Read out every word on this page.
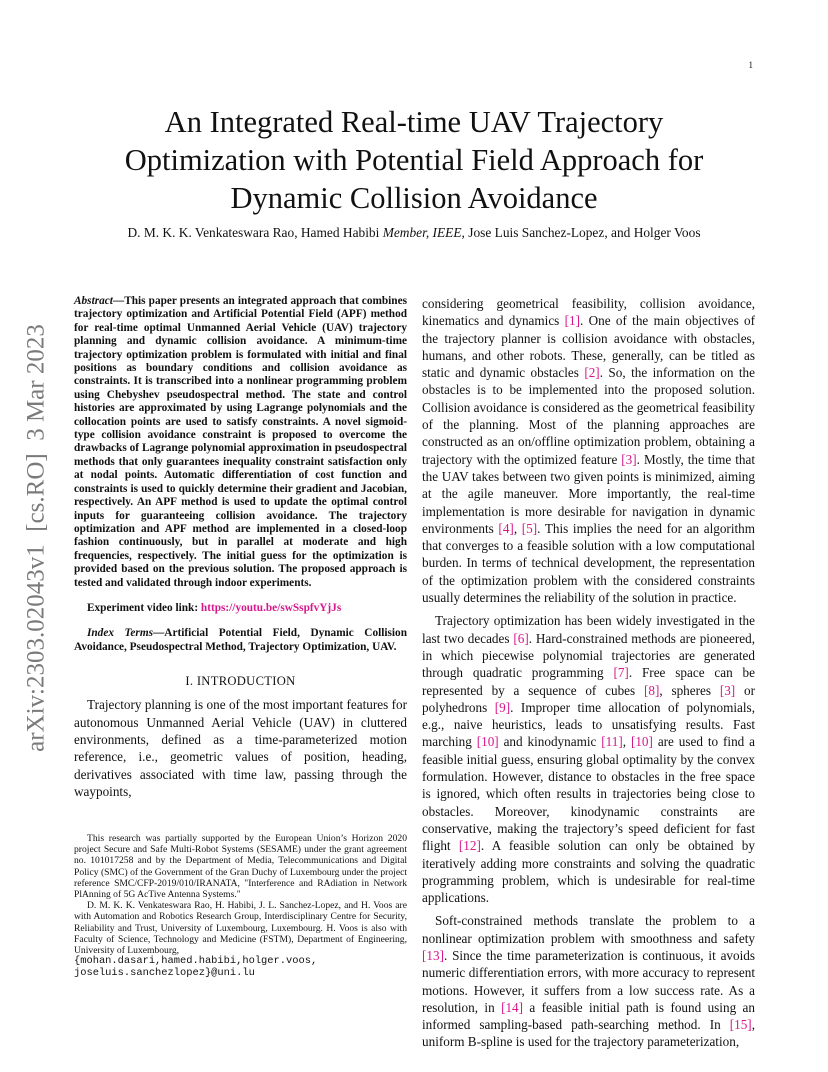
1
arXiv:2303.02043v1  [cs.RO]  3 Mar 2023
An Integrated Real-time UAV Trajectory
Optimization with Potential Field Approach for
Dynamic Collision Avoidance
D. M. K. K. Venkateswara Rao, Hamed Habibi Member, IEEE, Jose Luis Sanchez-Lopez, and Holger Voos

Abstract—This paper presents an integrated approach that combines trajectory optimization and Artificial Potential Field (APF) method for real-time optimal Unmanned Aerial Vehicle (UAV) trajectory planning and dynamic collision avoidance. A minimum-time trajectory optimization problem is formulated with initial and final positions as boundary conditions and collision avoidance as constraints. It is transcribed into a nonlinear programming problem using Chebyshev pseudospectral method. The state and control histories are approximated by using Lagrange polynomials and the collocation points are used to satisfy constraints. A novel sigmoid-type collision avoidance constraint is proposed to overcome the drawbacks of Lagrange polynomial approximation in pseudospectral methods that only guarantees inequality constraint satisfaction only at nodal points. Automatic differentiation of cost function and constraints is used to quickly determine their gradient and Jacobian, respectively. An APF method is used to update the optimal control inputs for guaranteeing collision avoidance. The trajectory optimization and APF method are implemented in a closed-loop fashion continuously, but in parallel at moderate and high frequencies, respectively. The initial guess for the optimization is provided based on the previous solution. The proposed approach is tested and validated through indoor experiments.

Experiment video link: https://youtu.be/swSspfvYjJs

Index Terms—Artificial Potential Field, Dynamic Collision Avoidance, Pseudospectral Method, Trajectory Optimization, UAV.

I. INTRODUCTION

Trajectory planning is one of the most important features for autonomous Unmanned Aerial Vehicle (UAV) in cluttered environments, defined as a time-parameterized motion reference, i.e., geometric values of position, heading, derivatives associated with time law, passing through the waypoints,

This research was partially supported by the European Union’s Horizon 2020 project Secure and Safe Multi-Robot Systems (SESAME) under the grant agreement no. 101017258 and by the Department of Media, Telecommunications and Digital Policy (SMC) of the Government of the Gran Duchy of Luxembourg under the project reference SMC/CFP-2019/010/IRANATA, "Interference and RAdiation in Network PlAnning of 5G AcTive Antenna Systems."

D. M. K. K. Venkateswara Rao, H. Habibi, J. L. Sanchez-Lopez, and H. Voos are with Automation and Robotics Research Group, Interdisciplinary Centre for Security, Reliability and Trust, University of Luxembourg, Luxembourg. H. Voos is also with Faculty of Science, Technology and Medicine (FSTM), Department of Engineering, University of Luxembourg,

{mohan.dasari,hamed.habibi,holger.voos,
joseluis.sanchezlopez}@uni.lu

considering geometrical feasibility, collision avoidance, kinematics and dynamics [1]. One of the main objectives of the trajectory planner is collision avoidance with obstacles, humans, and other robots. These, generally, can be titled as static and dynamic obstacles [2]. So, the information on the obstacles is to be implemented into the proposed solution. Collision avoidance is considered as the geometrical feasibility of the planning. Most of the planning approaches are constructed as an on/offline optimization problem, obtaining a trajectory with the optimized feature [3]. Mostly, the time that the UAV takes between two given points is minimized, aiming at the agile maneuver. More importantly, the real-time implementation is more desirable for navigation in dynamic environments [4], [5]. This implies the need for an algorithm that converges to a feasible solution with a low computational burden. In terms of technical development, the representation of the optimization problem with the considered constraints usually determines the reliability of the solution in practice.

Trajectory optimization has been widely investigated in the last two decades [6]. Hard-constrained methods are pioneered, in which piecewise polynomial trajectories are generated through quadratic programming [7]. Free space can be represented by a sequence of cubes [8], spheres [3] or polyhedrons [9]. Improper time allocation of polynomials, e.g., naive heuristics, leads to unsatisfying results. Fast marching [10] and kinodynamic [11], [10] are used to find a feasible initial guess, ensuring global optimality by the convex formulation. However, distance to obstacles in the free space is ignored, which often results in trajectories being close to obstacles. Moreover, kinodynamic constraints are conservative, making the trajectory’s speed deficient for fast flight [12]. A feasible solution can only be obtained by iteratively adding more constraints and solving the quadratic programming problem, which is undesirable for real-time applications.

Soft-constrained methods translate the problem to a nonlinear optimization problem with smoothness and safety [13]. Since the time parameterization is continuous, it avoids numeric differentiation errors, with more accuracy to represent motions. However, it suffers from a low success rate. As a resolution, in [14] a feasible initial path is found using an informed sampling-based path-searching method. In [15], uniform B-spline is used for the trajectory parameterization,
